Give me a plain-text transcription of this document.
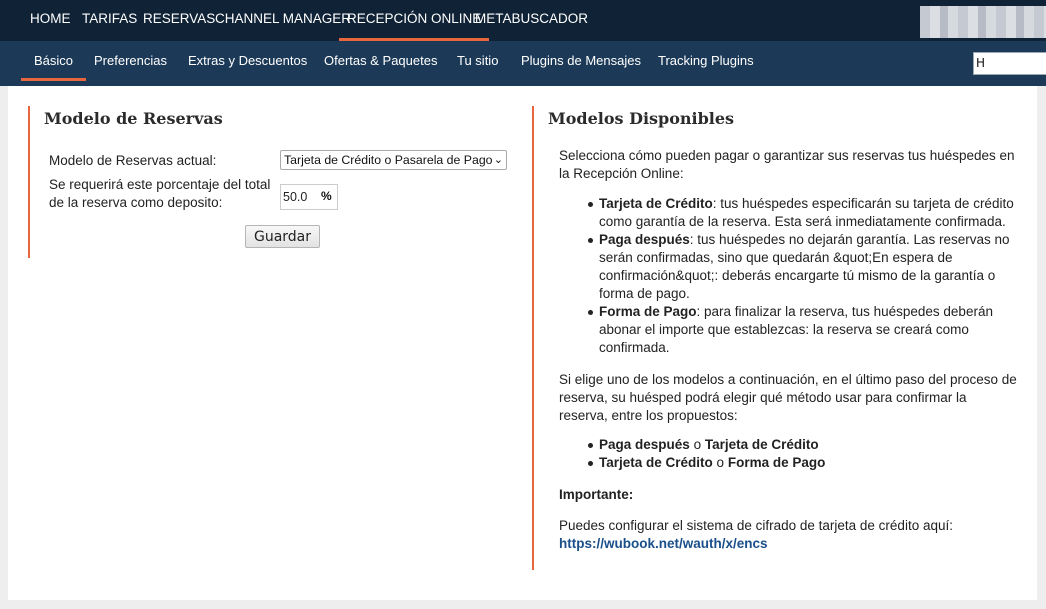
HOME TARIFAS RESERVAS CHANNEL MANAGER
RECEPCIÓN ONLINE
METABUSCADOR
Básico	Preferencias Extras y Descuentos Ofertas & Paquetes Tu sitio Plugins de Mensajes Tracking Plugins	H
Modelo de Reservas
Modelo de Reservas actual:	Tarjeta de Crédito o Pasarela de Pago ⌄
Se requerirá este porcentaje del total
de la reserva como deposito:
50.0	%
Guardar
Modelos Disponibles
Selecciona cómo pueden pagar o garantizar sus reservas tus huéspedes en
la Recepción Online:
Tarjeta de Crédito: tus huéspedes especificarán su tarjeta de crédito
como garantía de la reserva. Esta será inmediatamente confirmada.
Paga después: tus huéspedes no dejarán garantía. Las reservas no
serán confirmadas, sino que quedarán &quot;En espera de
confirmación&quot;: deberás encargarte tú mismo de la garantía o
forma de pago.
Forma de Pago: para finalizar la reserva, tus huéspedes deberán
abonar el importe que establezcas: la reserva se creará como
confirmada.
Si elige uno de los modelos a continuación, en el último paso del proceso de
reserva, su huésped podrá elegir qué método usar para confirmar la
reserva, entre los propuestos:
Paga después o Tarjeta de Crédito
Tarjeta de Crédito o Forma de Pago
Importante:
Puedes configurar el sistema de cifrado de tarjeta de crédito aquí:
https://wubook.net/wauth/x/encs
